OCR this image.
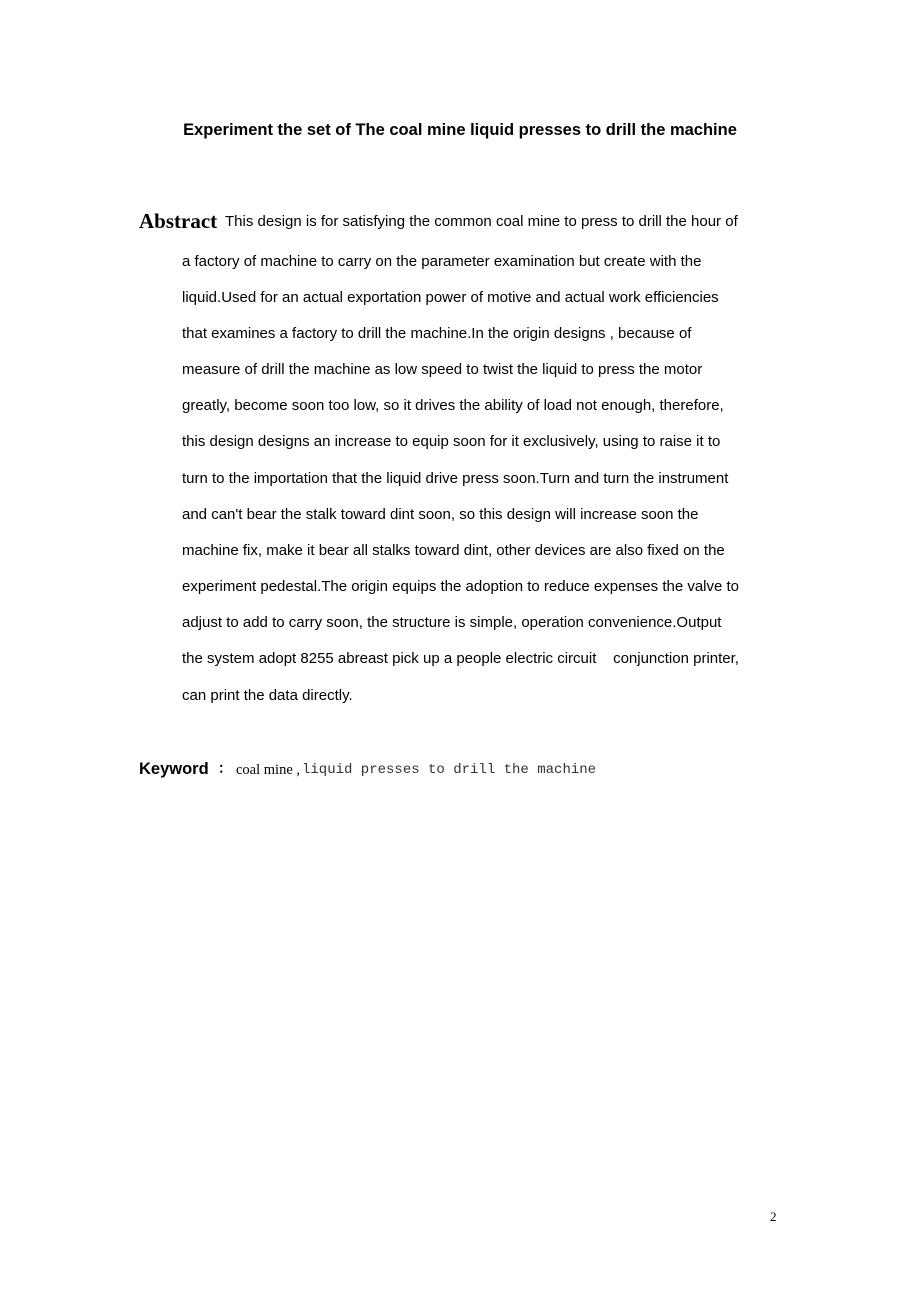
Experiment the set of The coal mine liquid presses to drill the machine
Abstract This design is for satisfying the common coal mine to press to drill the hour of
a factory of machine to carry on the parameter examination but create with the
liquid.Used for an actual exportation power of motive and actual work efficiencies
that examines a factory to drill the machine.In the origin designs , because of
measure of drill the machine as low speed to twist the liquid to press the motor
greatly, become soon too low, so it drives the ability of load not enough, therefore,
this design designs an increase to equip soon for it exclusively, using to raise it to
turn to the importation that the liquid drive press soon.Turn and turn the instrument
and can't bear the stalk toward dint soon, so this design will increase soon the
machine fix, make it bear all stalks toward dint, other devices are also fixed on the
experiment pedestal.The origin equips the adoption to reduce expenses the valve to
adjust to add to carry soon, the structure is simple, operation convenience.Output
the system adopt 8255 abreast pick up a people electric circuit    conjunction printer,
can print the data directly.
Keyword ： coal mine , liquid presses to drill the machine
2
